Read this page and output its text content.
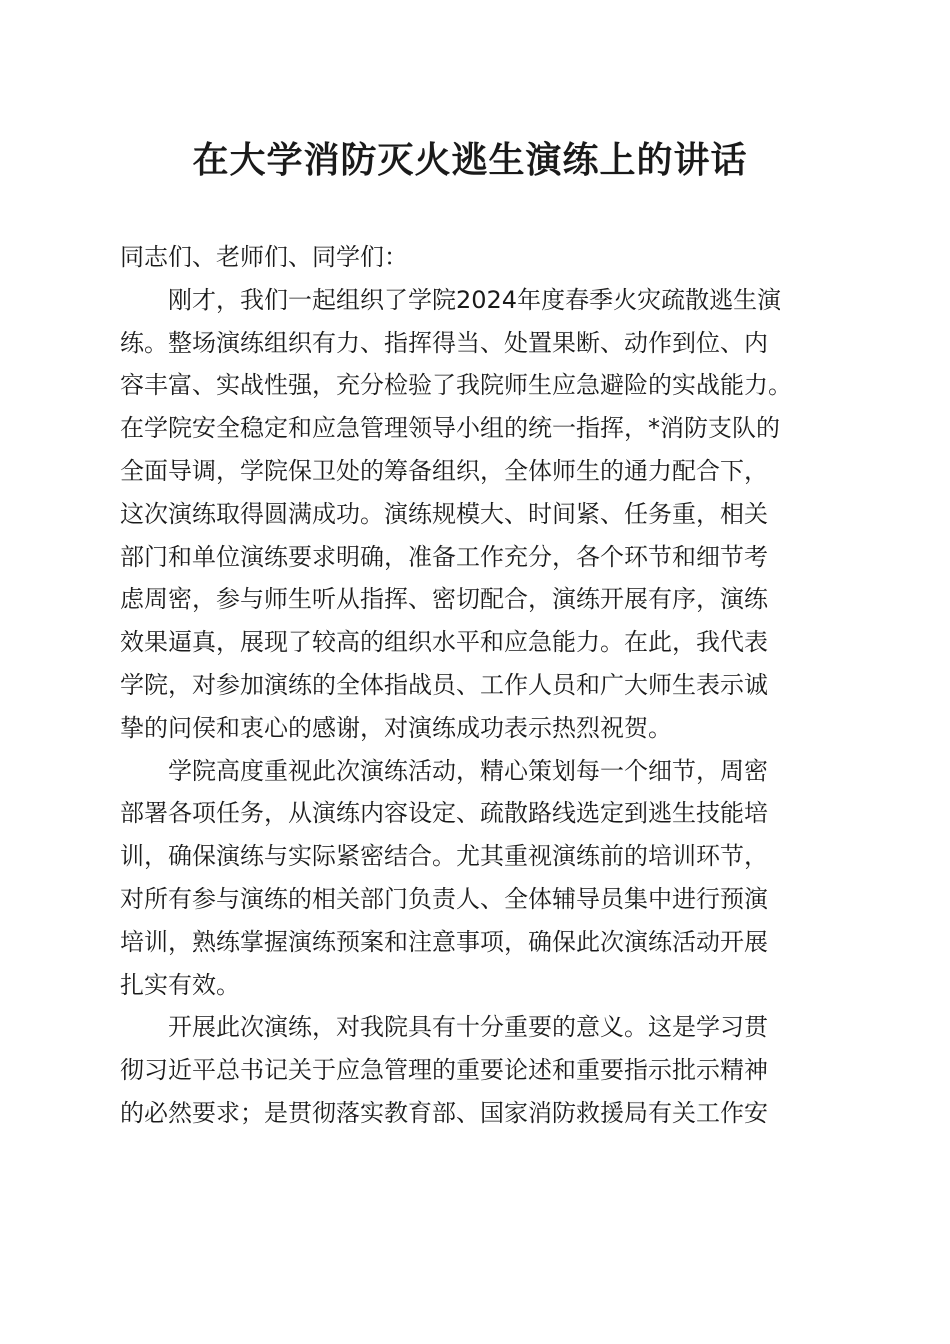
在大学消防灭火逃生演练上的讲话
同志们、老师们、同学们：
刚才，我们一起组织了学院2024年度春季火灾疏散逃生演
练。整场演练组织有力、指挥得当、处置果断、动作到位、内
容丰富、实战性强，充分检验了我院师生应急避险的实战能力。
在学院安全稳定和应急管理领导小组的统一指挥，*消防支队的
全面导调，学院保卫处的筹备组织，全体师生的通力配合下，
这次演练取得圆满成功。演练规模大、时间紧、任务重，相关
部门和单位演练要求明确，准备工作充分，各个环节和细节考
虑周密，参与师生听从指挥、密切配合，演练开展有序，演练
效果逼真，展现了较高的组织水平和应急能力。在此，我代表
学院，对参加演练的全体指战员、工作人员和广大师生表示诚
挚的问侯和衷心的感谢，对演练成功表示热烈祝贺。
学院高度重视此次演练活动，精心策划每一个细节，周密
部署各项任务，从演练内容设定、疏散路线选定到逃生技能培
训，确保演练与实际紧密结合。尤其重视演练前的培训环节，
对所有参与演练的相关部门负责人、全体辅导员集中进行预演
培训，熟练掌握演练预案和注意事项，确保此次演练活动开展
扎实有效。
开展此次演练，对我院具有十分重要的意义。这是学习贯
彻习近平总书记关于应急管理的重要论述和重要指示批示精神
的必然要求；是贯彻落实教育部、国家消防救援局有关工作安
